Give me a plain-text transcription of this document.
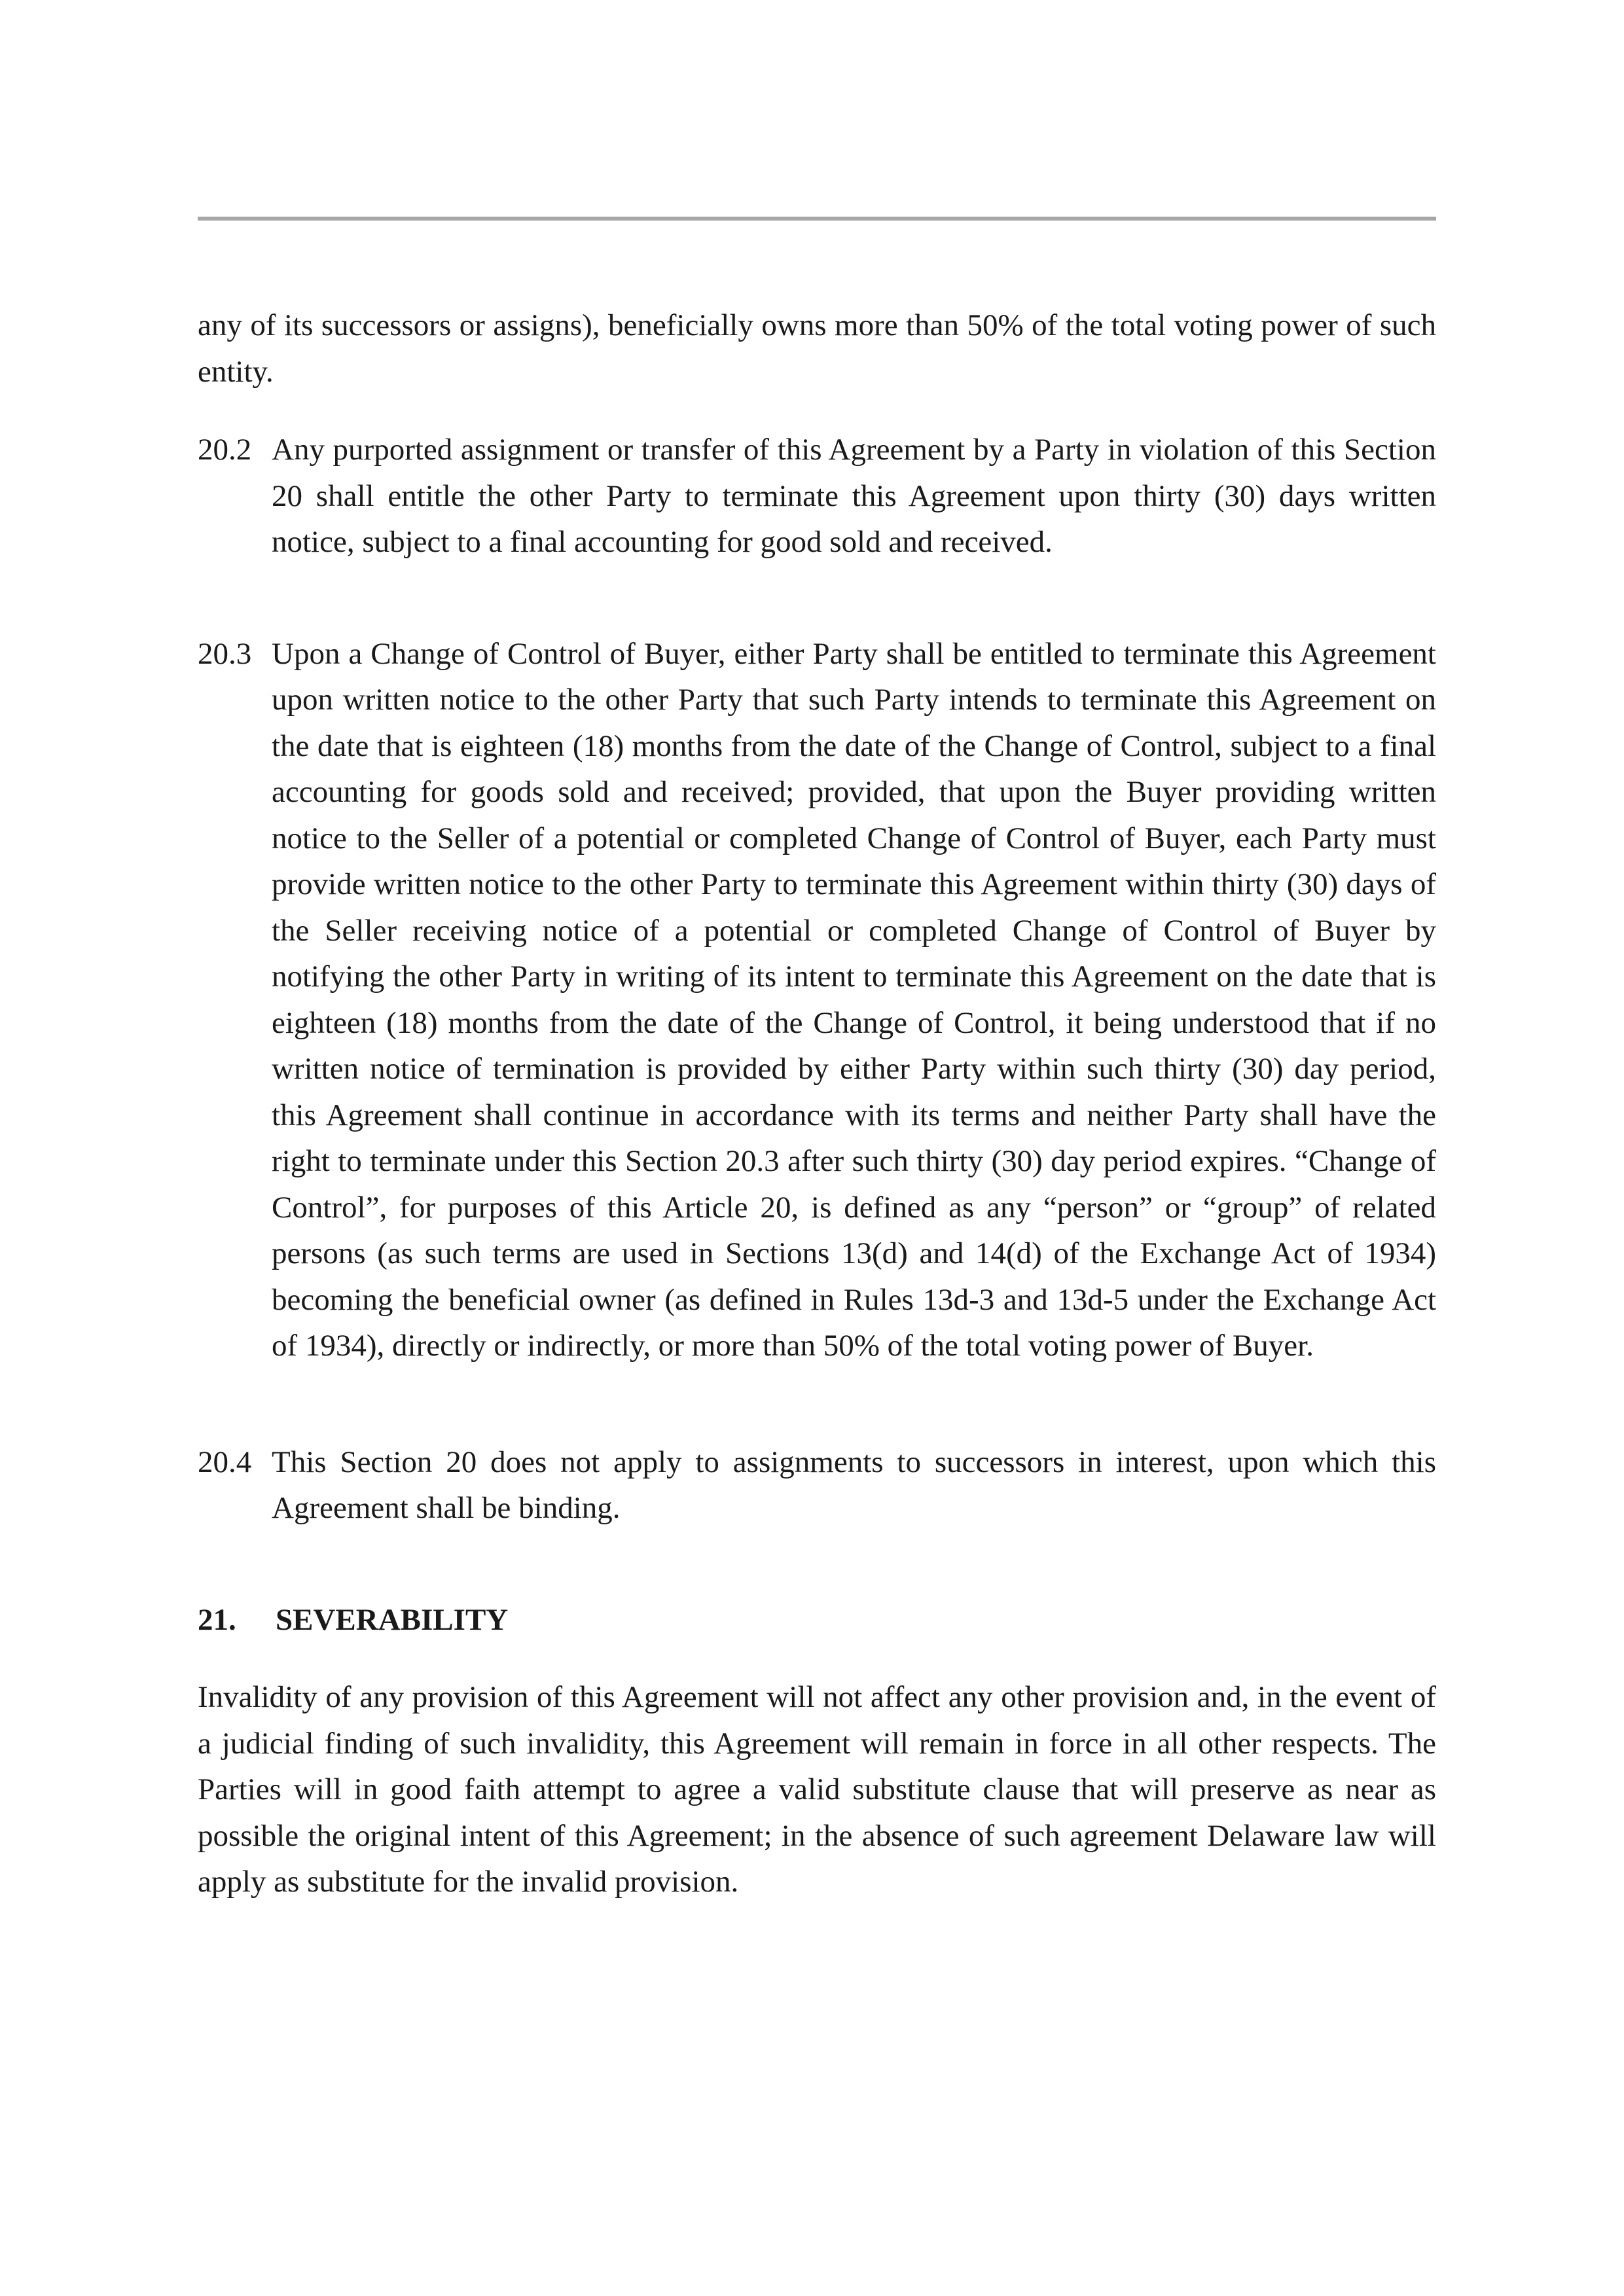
any of its successors or assigns), beneficially owns more than 50% of the total voting power of such entity.

20.2 Any purported assignment or transfer of this Agreement by a Party in violation of this Section 20 shall entitle the other Party to terminate this Agreement upon thirty (30) days written notice, subject to a final accounting for good sold and received.
20.3 Upon a Change of Control of Buyer, either Party shall be entitled to terminate this Agreement upon written notice to the other Party that such Party intends to terminate this Agreement on the date that is eighteen (18) months from the date of the Change of Control, subject to a final accounting for goods sold and received; provided, that upon the Buyer providing written notice to the Seller of a potential or completed Change of Control of Buyer, each Party must provide written notice to the other Party to terminate this Agreement within thirty (30) days of the Seller receiving notice of a potential or completed Change of Control of Buyer by notifying the other Party in writing of its intent to terminate this Agreement on the date that is eighteen (18) months from the date of the Change of Control, it being understood that if no written notice of termination is provided by either Party within such thirty (30) day period, this Agreement shall continue in accordance with its terms and neither Party shall have the right to terminate under this Section 20.3 after such thirty (30) day period expires. “Change of Control”, for purposes of this Article 20, is defined as any “person” or “group” of related persons (as such terms are used in Sections 13(d) and 14(d) of the Exchange Act of 1934) becoming the beneficial owner (as defined in Rules 13d-3 and 13d-5 under the Exchange Act of 1934), directly or indirectly, or more than 50% of the total voting power of Buyer.
20.4 This Section 20 does not apply to assignments to successors in interest, upon which this Agreement shall be binding.
21. SEVERABILITY

Invalidity of any provision of this Agreement will not affect any other provision and, in the event of a judicial finding of such invalidity, this Agreement will remain in force in all other respects. The Parties will in good faith attempt to agree a valid substitute clause that will preserve as near as possible the original intent of this Agreement; in the absence of such agreement Delaware law will apply as substitute for the invalid provision.
